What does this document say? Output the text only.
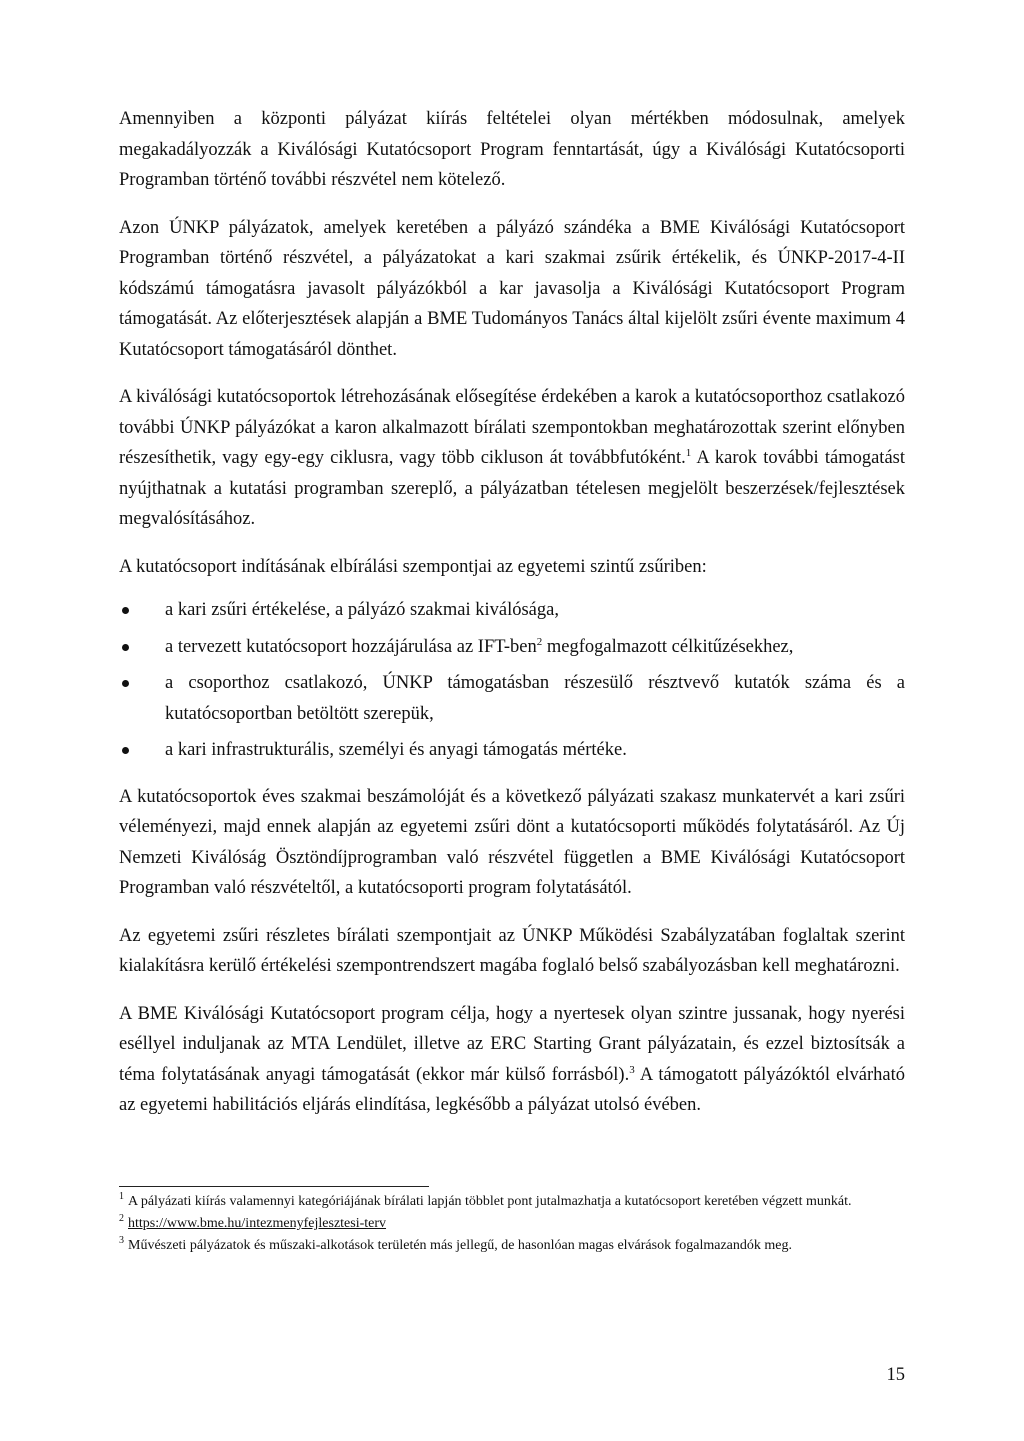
Amennyiben a központi pályázat kiírás feltételei olyan mértékben módosulnak, amelyek megakadályozzák a Kiválósági Kutatócsoport Program fenntartását, úgy a Kiválósági Kutatócsoporti Programban történő további részvétel nem kötelező.

Azon ÚNKP pályázatok, amelyek keretében a pályázó szándéka a BME Kiválósági Kutatócsoport Programban történő részvétel, a pályázatokat a kari szakmai zsűrik értékelik, és ÚNKP-2017-4-II kódszámú támogatásra javasolt pályázókból a kar javasolja a Kiválósági Kutatócsoport Program támogatását. Az előterjesztések alapján a BME Tudományos Tanács által kijelölt zsűri évente maximum 4 Kutatócsoport támogatásáról dönthet.

A kiválósági kutatócsoportok létrehozásának elősegítése érdekében a karok a kutatócsoporthoz csatlakozó további ÚNKP pályázókat a karon alkalmazott bírálati szempontokban meghatározottak szerint előnyben részesíthetik, vagy egy-egy ciklusra, vagy több cikluson át továbbfutóként.$^1$ A karok további támogatást nyújthatnak a kutatási programban szereplő, a pályázatban tételesen megjelölt beszerzések/fejlesztések megvalósításához.

A kutatócsoport indításának elbírálási szempontjai az egyetemi szintű zsűriben:

a kari zsűri értékelése, a pályázó szakmai kiválósága,
a tervezett kutatócsoport hozzájárulása az IFT-ben$^2$ megfogalmazott célkitűzésekhez,
a csoporthoz csatlakozó, ÚNKP támogatásban részesülő résztvevő kutatók száma és a kutatócsoportban betöltött szerepük,
a kari infrastrukturális, személyi és anyagi támogatás mértéke.

A kutatócsoportok éves szakmai beszámolóját és a következő pályázati szakasz munkatervét a kari zsűri véleményezi, majd ennek alapján az egyetemi zsűri dönt a kutatócsoporti működés folytatásáról. Az Új Nemzeti Kiválóság Ösztöndíjprogramban való részvétel független a BME Kiválósági Kutatócsoport Programban való részvételtől, a kutatócsoporti program folytatásától.

Az egyetemi zsűri részletes bírálati szempontjait az ÚNKP Működési Szabályzatában foglaltak szerint kialakításra kerülő értékelési szempontrendszert magába foglaló belső szabályozásban kell meghatározni.

A BME Kiválósági Kutatócsoport program célja, hogy a nyertesek olyan szintre jussanak, hogy nyerési eséllyel induljanak az MTA Lendület, illetve az ERC Starting Grant pályázatain, és ezzel biztosítsák a téma folytatásának anyagi támogatását (ekkor már külső forrásból).$^3$ A támogatott pályázóktól elvárható az egyetemi habilitációs eljárás elindítása, legkésőbb a pályázat utolsó évében.

$^1$ A pályázati kiírás valamennyi kategóriájának bírálati lapján többlet pont jutalmazhatja a kutatócsoport keretében végzett munkát.
$^2$ https://www.bme.hu/intezmenyfejlesztesi-terv
$^3$ Művészeti pályázatok és műszaki-alkotások területén más jellegű, de hasonlóan magas elvárások fogalmazandók meg.
15
